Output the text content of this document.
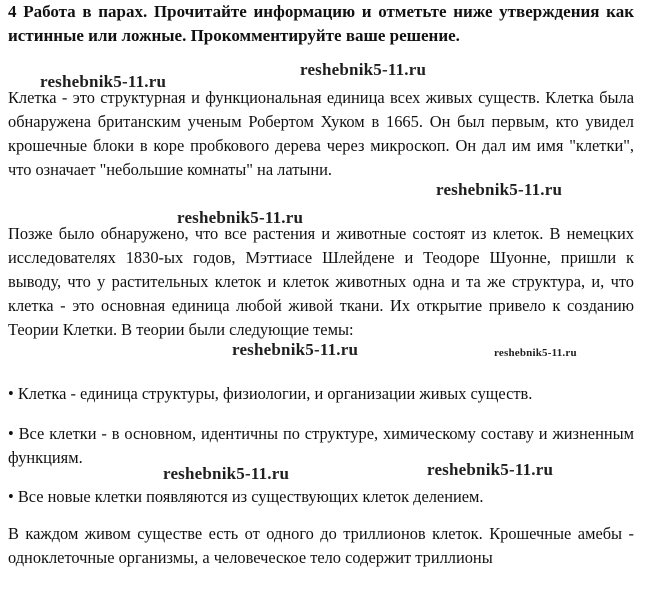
4 Работа в парах. Прочитайте информацию и отметьте ниже утверждения как истинные или ложные. Прокомментируйте ваше решение.

Клетка - это структурная и функциональная единица всех живых существ. Клетка была обнаружена британским ученым Робертом Хуком в 1665. Он был первым, кто увидел крошечные блоки в коре пробкового дерева через микроскоп. Он дал им имя "клетки", что означает "небольшие комнаты" на латыни.

Позже было обнаружено, что все растения и животные состоят из клеток. В немецких исследователях 1830-ых годов, Мэттиасе Шлейдене и Теодоре Шуонне, пришли к выводу, что у растительных клеток и клеток животных одна и та же структура, и, что клетка - это основная единица любой живой ткани. Их открытие привело к созданию Теории Клетки. В теории были следующие темы:

• Клетка - единица структуры, физиологии, и организации живых существ.

• Все клетки - в основном, идентичны по структуре, химическому составу и жизненным функциям.

• Все новые клетки появляются из существующих клеток делением.

В каждом живом существе есть от одного до триллионов клеток. Крошечные амебы - одноклеточные организмы, а человеческое тело содержит триллионы

reshebnik5-11.ru
reshebnik5-11.ru
reshebnik5-11.ru
reshebnik5-11.ru
reshebnik5-11.ru	reshebnik5-11.ru
reshebnik5-11.ru	reshebnik5-11.ru
